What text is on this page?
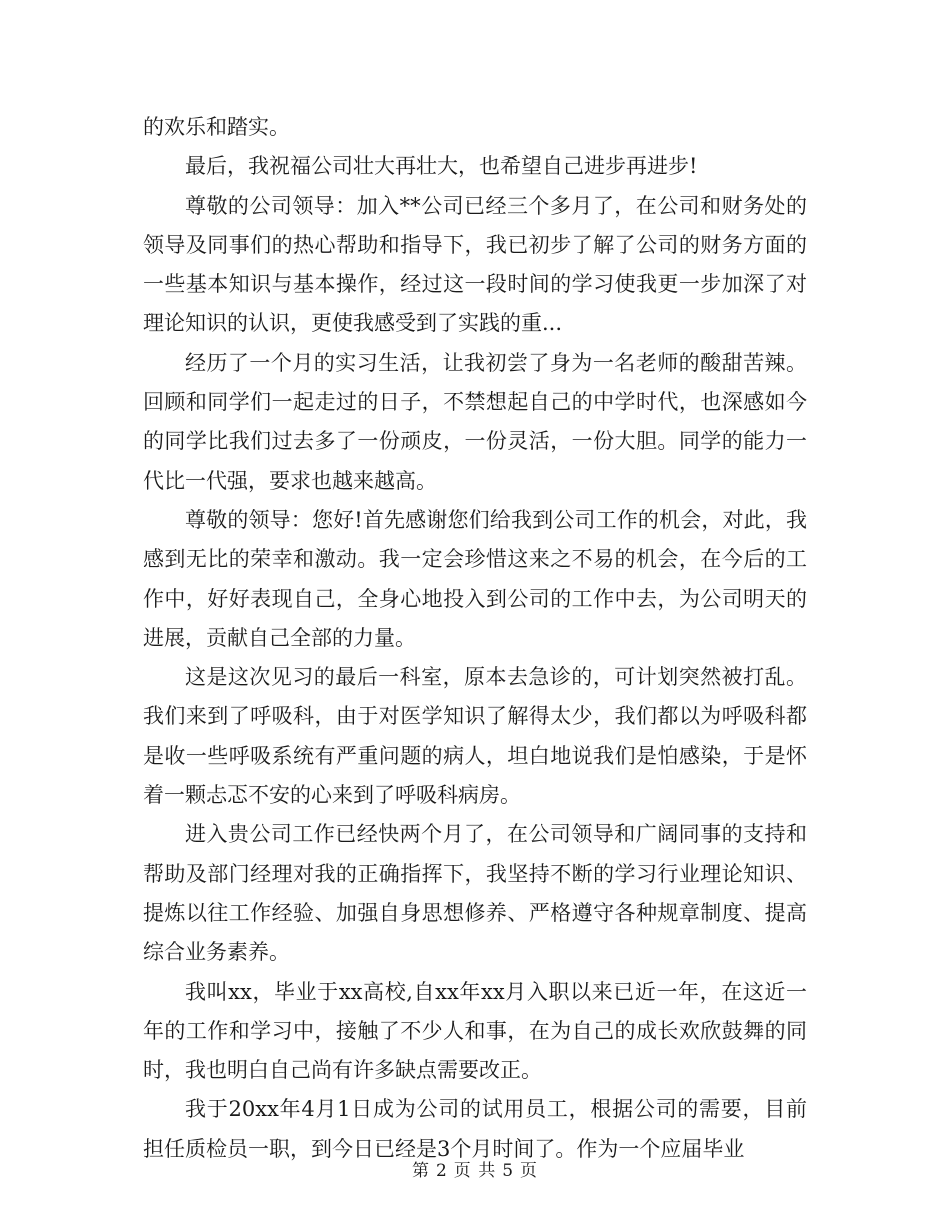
的欢乐和踏实。

最后，我祝福公司壮大再壮大，也希望自己进步再进步!

尊敬的公司领导：加入**公司已经三个多月了，在公司和财务处的领导及同事们的热心帮助和指导下，我已初步了解了公司的财务方面的一些基本知识与基本操作，经过这一段时间的学习使我更一步加深了对理论知识的认识，更使我感受到了实践的重...

经历了一个月的实习生活，让我初尝了身为一名老师的酸甜苦辣。回顾和同学们一起走过的日子，不禁想起自己的中学时代，也深感如今的同学比我们过去多了一份顽皮，一份灵活，一份大胆。同学的能力一代比一代强，要求也越来越高。

尊敬的领导：您好!首先感谢您们给我到公司工作的机会，对此，我感到无比的荣幸和激动。我一定会珍惜这来之不易的机会，在今后的工作中，好好表现自己，全身心地投入到公司的工作中去，为公司明天的进展，贡献自己全部的力量。

这是这次见习的最后一科室，原本去急诊的，可计划突然被打乱。我们来到了呼吸科，由于对医学知识了解得太少，我们都以为呼吸科都是收一些呼吸系统有严重问题的病人，坦白地说我们是怕感染，于是怀着一颗忐忑不安的心来到了呼吸科病房。

进入贵公司工作已经快两个月了，在公司领导和广阔同事的支持和帮助及部门经理对我的正确指挥下，我坚持不断的学习行业理论知识、提炼以往工作经验、加强自身思想修养、严格遵守各种规章制度、提高综合业务素养。

我叫xx，毕业于xx高校,自xx年xx月入职以来已近一年，在这近一年的工作和学习中，接触了不少人和事，在为自己的成长欢欣鼓舞的同时，我也明白自己尚有许多缺点需要改正。

我于20xx年4月1日成为公司的试用员工，根据公司的需要，目前担任质检员一职，到今日已经是3个月时间了。作为一个应届毕业

第 2 页 共 5 页
